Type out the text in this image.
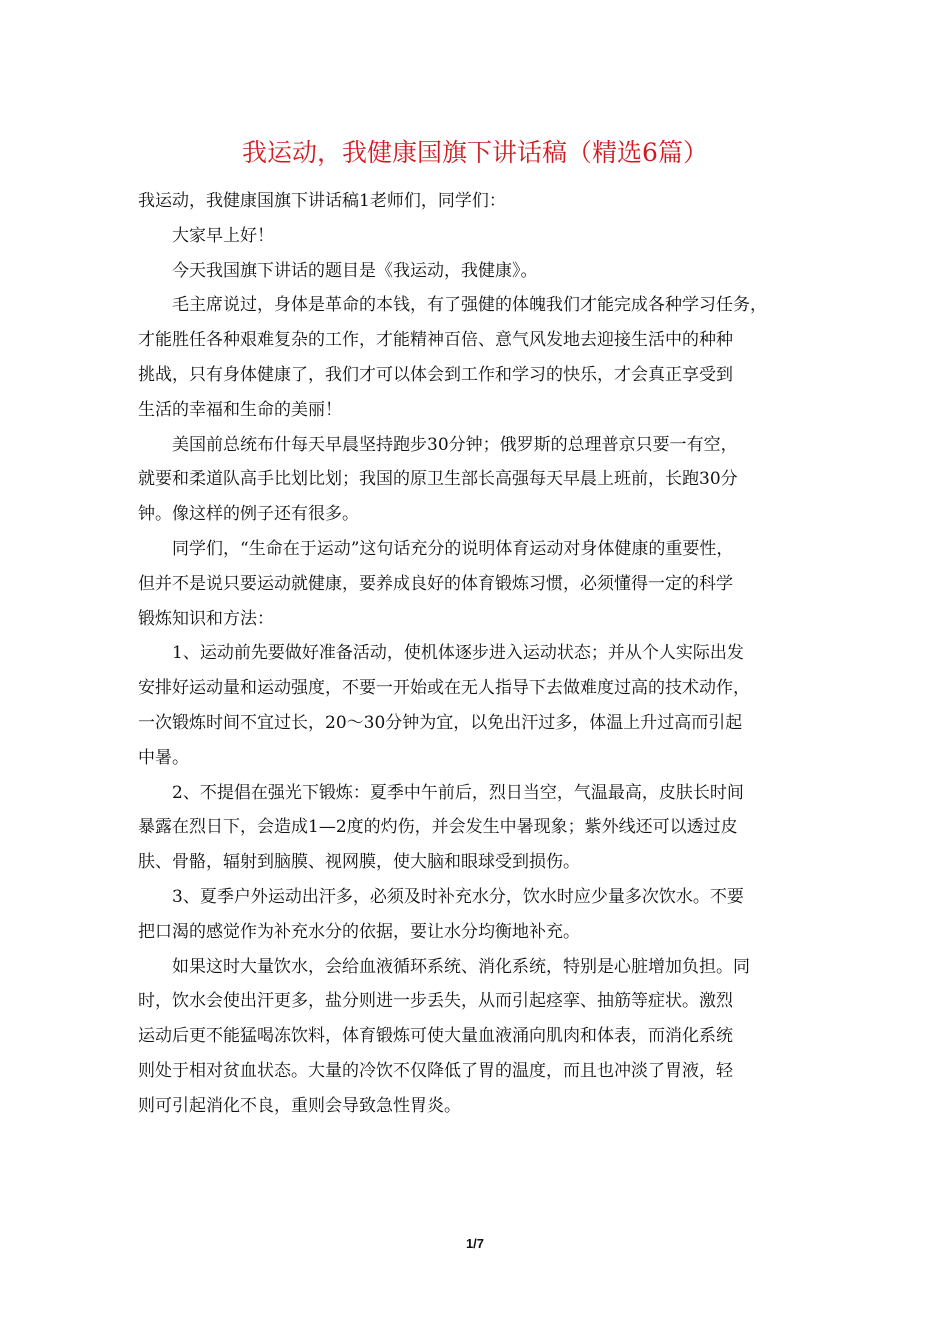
我运动，我健康国旗下讲话稿（精选6篇）
我运动，我健康国旗下讲话稿1老师们，同学们：
大家早上好！
今天我国旗下讲话的题目是《我运动，我健康》。
毛主席说过，身体是革命的本钱，有了强健的体魄我们才能完成各种学习任务，
才能胜任各种艰难复杂的工作，才能精神百倍、意气风发地去迎接生活中的种种
挑战，只有身体健康了，我们才可以体会到工作和学习的快乐，才会真正享受到
生活的幸福和生命的美丽！
美国前总统布什每天早晨坚持跑步30分钟；俄罗斯的总理普京只要一有空，
就要和柔道队高手比划比划；我国的原卫生部长高强每天早晨上班前，长跑30分
钟。像这样的例子还有很多。
同学们，“生命在于运动”这句话充分的说明体育运动对身体健康的重要性，
但并不是说只要运动就健康，要养成良好的体育锻炼习惯，必须懂得一定的科学
锻炼知识和方法：
1、运动前先要做好准备活动，使机体逐步进入运动状态；并从个人实际出发
安排好运动量和运动强度，不要一开始或在无人指导下去做难度过高的技术动作，
一次锻炼时间不宜过长，20～30分钟为宜，以免出汗过多，体温上升过高而引起
中暑。
2、不提倡在强光下锻炼：夏季中午前后，烈日当空，气温最高，皮肤长时间
暴露在烈日下，会造成1—2度的灼伤，并会发生中暑现象；紫外线还可以透过皮
肤、骨骼，辐射到脑膜、视网膜，使大脑和眼球受到损伤。
3、夏季户外运动出汗多，必须及时补充水分，饮水时应少量多次饮水。不要
把口渴的感觉作为补充水分的依据，要让水分均衡地补充。
如果这时大量饮水，会给血液循环系统、消化系统，特别是心脏增加负担。同
时，饮水会使出汗更多，盐分则进一步丢失，从而引起痉挛、抽筋等症状。激烈
运动后更不能猛喝冻饮料，体育锻炼可使大量血液涌向肌肉和体表，而消化系统
则处于相对贫血状态。大量的冷饮不仅降低了胃的温度，而且也冲淡了胃液，轻
则可引起消化不良，重则会导致急性胃炎。
1/7
